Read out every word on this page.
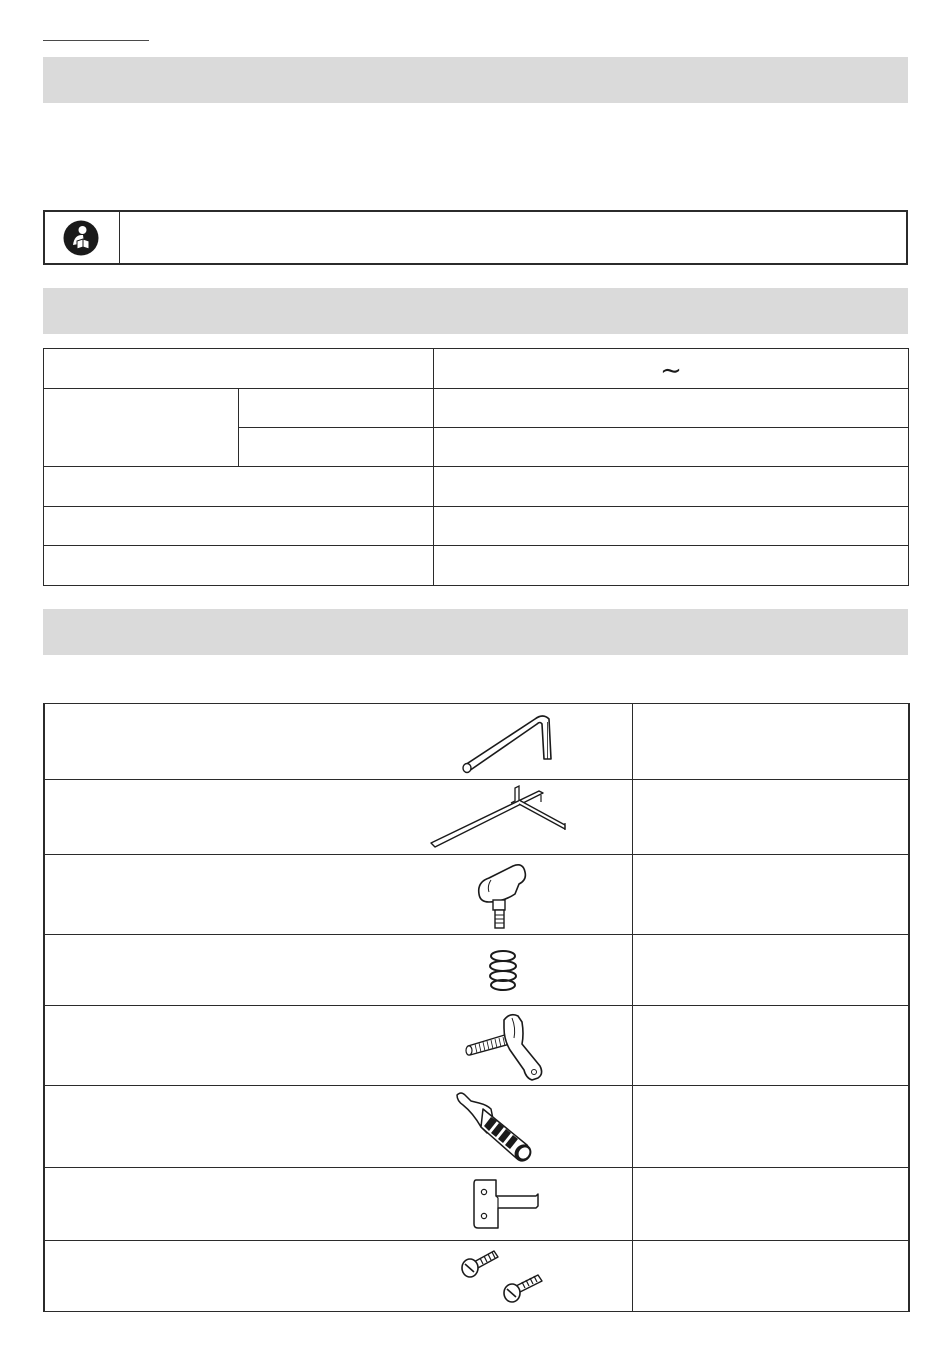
		∼
